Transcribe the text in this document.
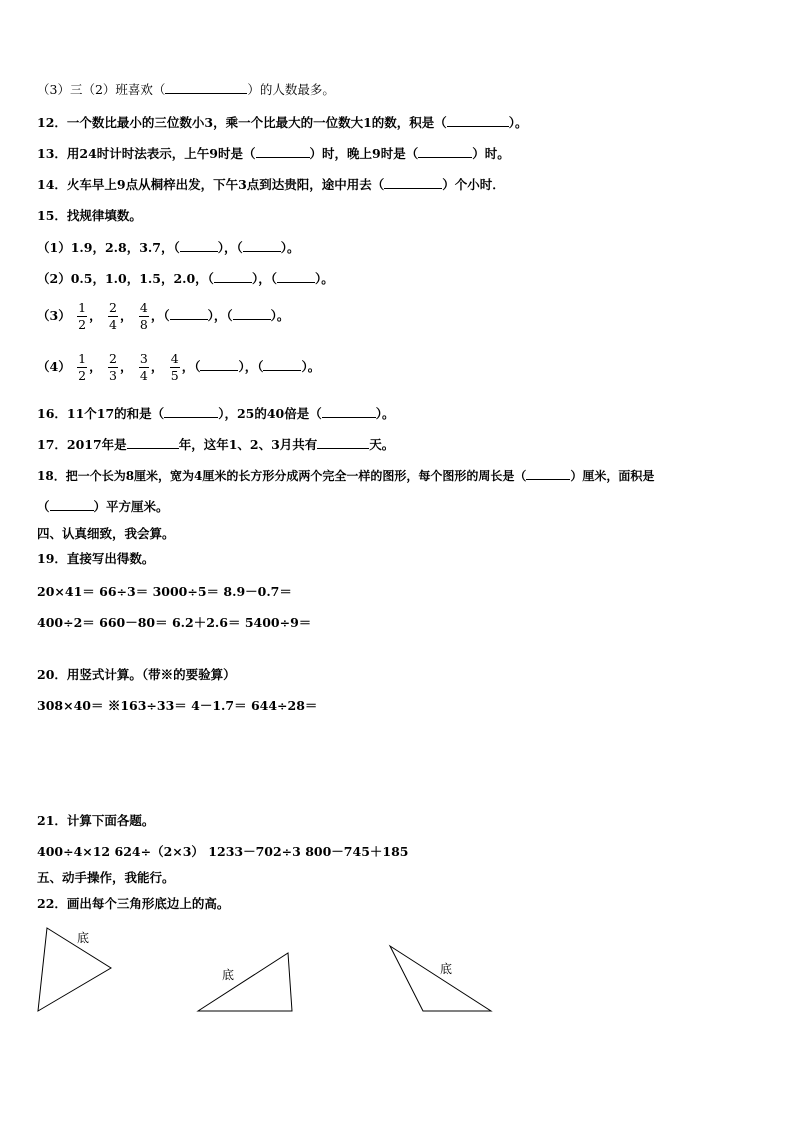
（3）三（2）班喜欢（	）的人数最多。
12．一个数比最小的三位数小3，乘一个比最大的一位数大1的数，积是（	）。
13．用24时计时法表示，上午9时是（	）时，晚上9时是（	）时。
14．火车早上9点从桐梓出发，下午3点到达贵阳，途中用去（	）个小时．
15．找规律填数。
（1）1.9，2.8，3.7，（	），（	）。
（2）0.5，1.0，1.5，2.0，（	），（	）。
$(3) \frac{1}{2}$ ， $\frac{2}{4}$ ， $\frac{4}{8}$ ，（	），（	）。
$(4) \frac{1}{2}$ ， $\frac{2}{3}$ ， $\frac{3}{4}$ ， $\frac{4}{5}$ ，（	），（	）。
16．11个17的和是（	），25的40倍是（	）。
17．2017年是	年，这年1、2、3月共有	天。
18．把一个长为8厘米，宽为4厘米的长方形分成两个完全一样的图形，每个图形的周长是（	）厘米，面积是
（	）平方厘米。
四、认真细致，我会算。
19．直接写出得数。
20×41＝ 66÷3＝ 3000÷5＝ 8.9－0.7＝
400÷2＝ 660－80＝ 6.2＋2.6＝ 5400÷9＝
20．用竖式计算。（带※的要验算）
308×40＝ ※163÷33＝ 4－1.7＝ 644÷28＝
21．计算下面各题。
400÷4×12 624÷（2×3） 1233－702÷3 800－745＋185
五、动手操作，我能行。
22．画出每个三角形底边上的高。
底
底	底
